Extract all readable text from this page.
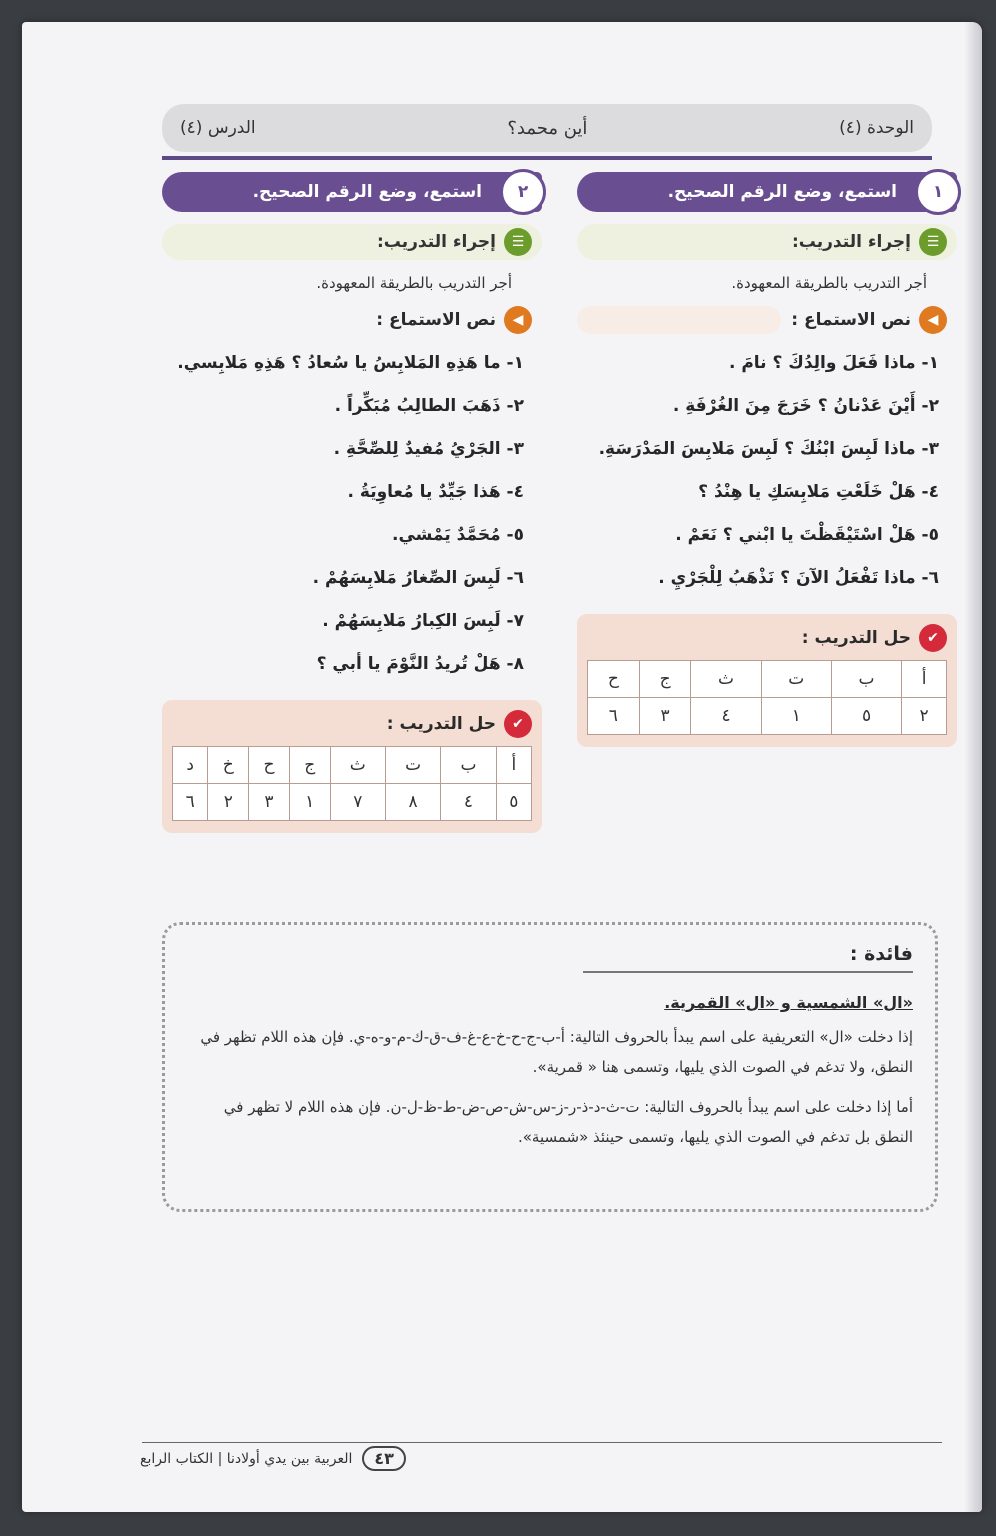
الوحدة (٤)
أين محمد؟
الدرس (٤)
١
استمع، وضع الرقم الصحيح.
☰
إجراء التدريب:
أجر التدريب بالطريقة المعهودة.
◀
نص الاستماع :
١- ماذا فَعَلَ والِدُكَ ؟ نامَ .
٢- أَيْنَ عَدْنانُ ؟ خَرَجَ مِنَ الغُرْفَةِ .
٣- ماذا لَبِسَ ابْنُكَ ؟ لَبِسَ مَلابِسَ المَدْرَسَةِ.
٤- هَلْ خَلَعْتِ مَلابِسَكِ يا هِنْدُ ؟
٥- هَلْ اسْتَيْقَظْتَ يا ابْني ؟ نَعَمْ .
٦- ماذا تَفْعَلُ الآنَ ؟ نَذْهَبُ لِلْجَرْيِ .
✔
حل التدريب :
أ	ب	ت	ث	ج	ح
٢	٥	١	٤	٣	٦
٢
استمع، وضع الرقم الصحيح.
☰
إجراء التدريب:
أجر التدريب بالطريقة المعهودة.
◀
نص الاستماع :
١- ما هَذِهِ المَلابِسُ يا سُعادُ ؟ هَذِهِ مَلابِسي.
٢- ذَهَبَ الطالِبُ مُبَكِّراً .
٣- الجَرْيُ مُفيدٌ لِلصِّحَّةِ .
٤- هَذا جَيِّدٌ يا مُعاوِيَةُ .
٥- مُحَمَّدٌ يَمْشي.
٦- لَبِسَ الصِّغارُ مَلابِسَهُمْ .
٧- لَبِسَ الكِبارُ مَلابِسَهُمْ .
٨- هَلْ تُريدُ النَّوْمَ يا أبي ؟
✔
حل التدريب :
أ	ب	ت	ث	ج	ح	خ	د
٥	٤	٨	٧	١	٣	٢	٦
فائدة :
«ال» الشمسية و «ال» القمرية.

إذا دخلت «ال» التعريفية على اسم يبدأ بالحروف التالية: أ-ب-ج-ح-خ-ع-غ-ف-ق-ك-م-و-ه-ي. فإن هذه اللام تظهر في النطق، ولا تدغم في الصوت الذي يليها، وتسمى هنا « قمرية».

أما إذا دخلت على اسم يبدأ بالحروف التالية: ت-ث-د-ذ-ر-ز-س-ش-ص-ض-ط-ظ-ل-ن. فإن هذه اللام لا تظهر في النطق بل تدغم في الصوت الذي يليها، وتسمى حينئذ «شمسية».

٤٣
العربية بين يدي أولادنا | الكتاب الرابع
